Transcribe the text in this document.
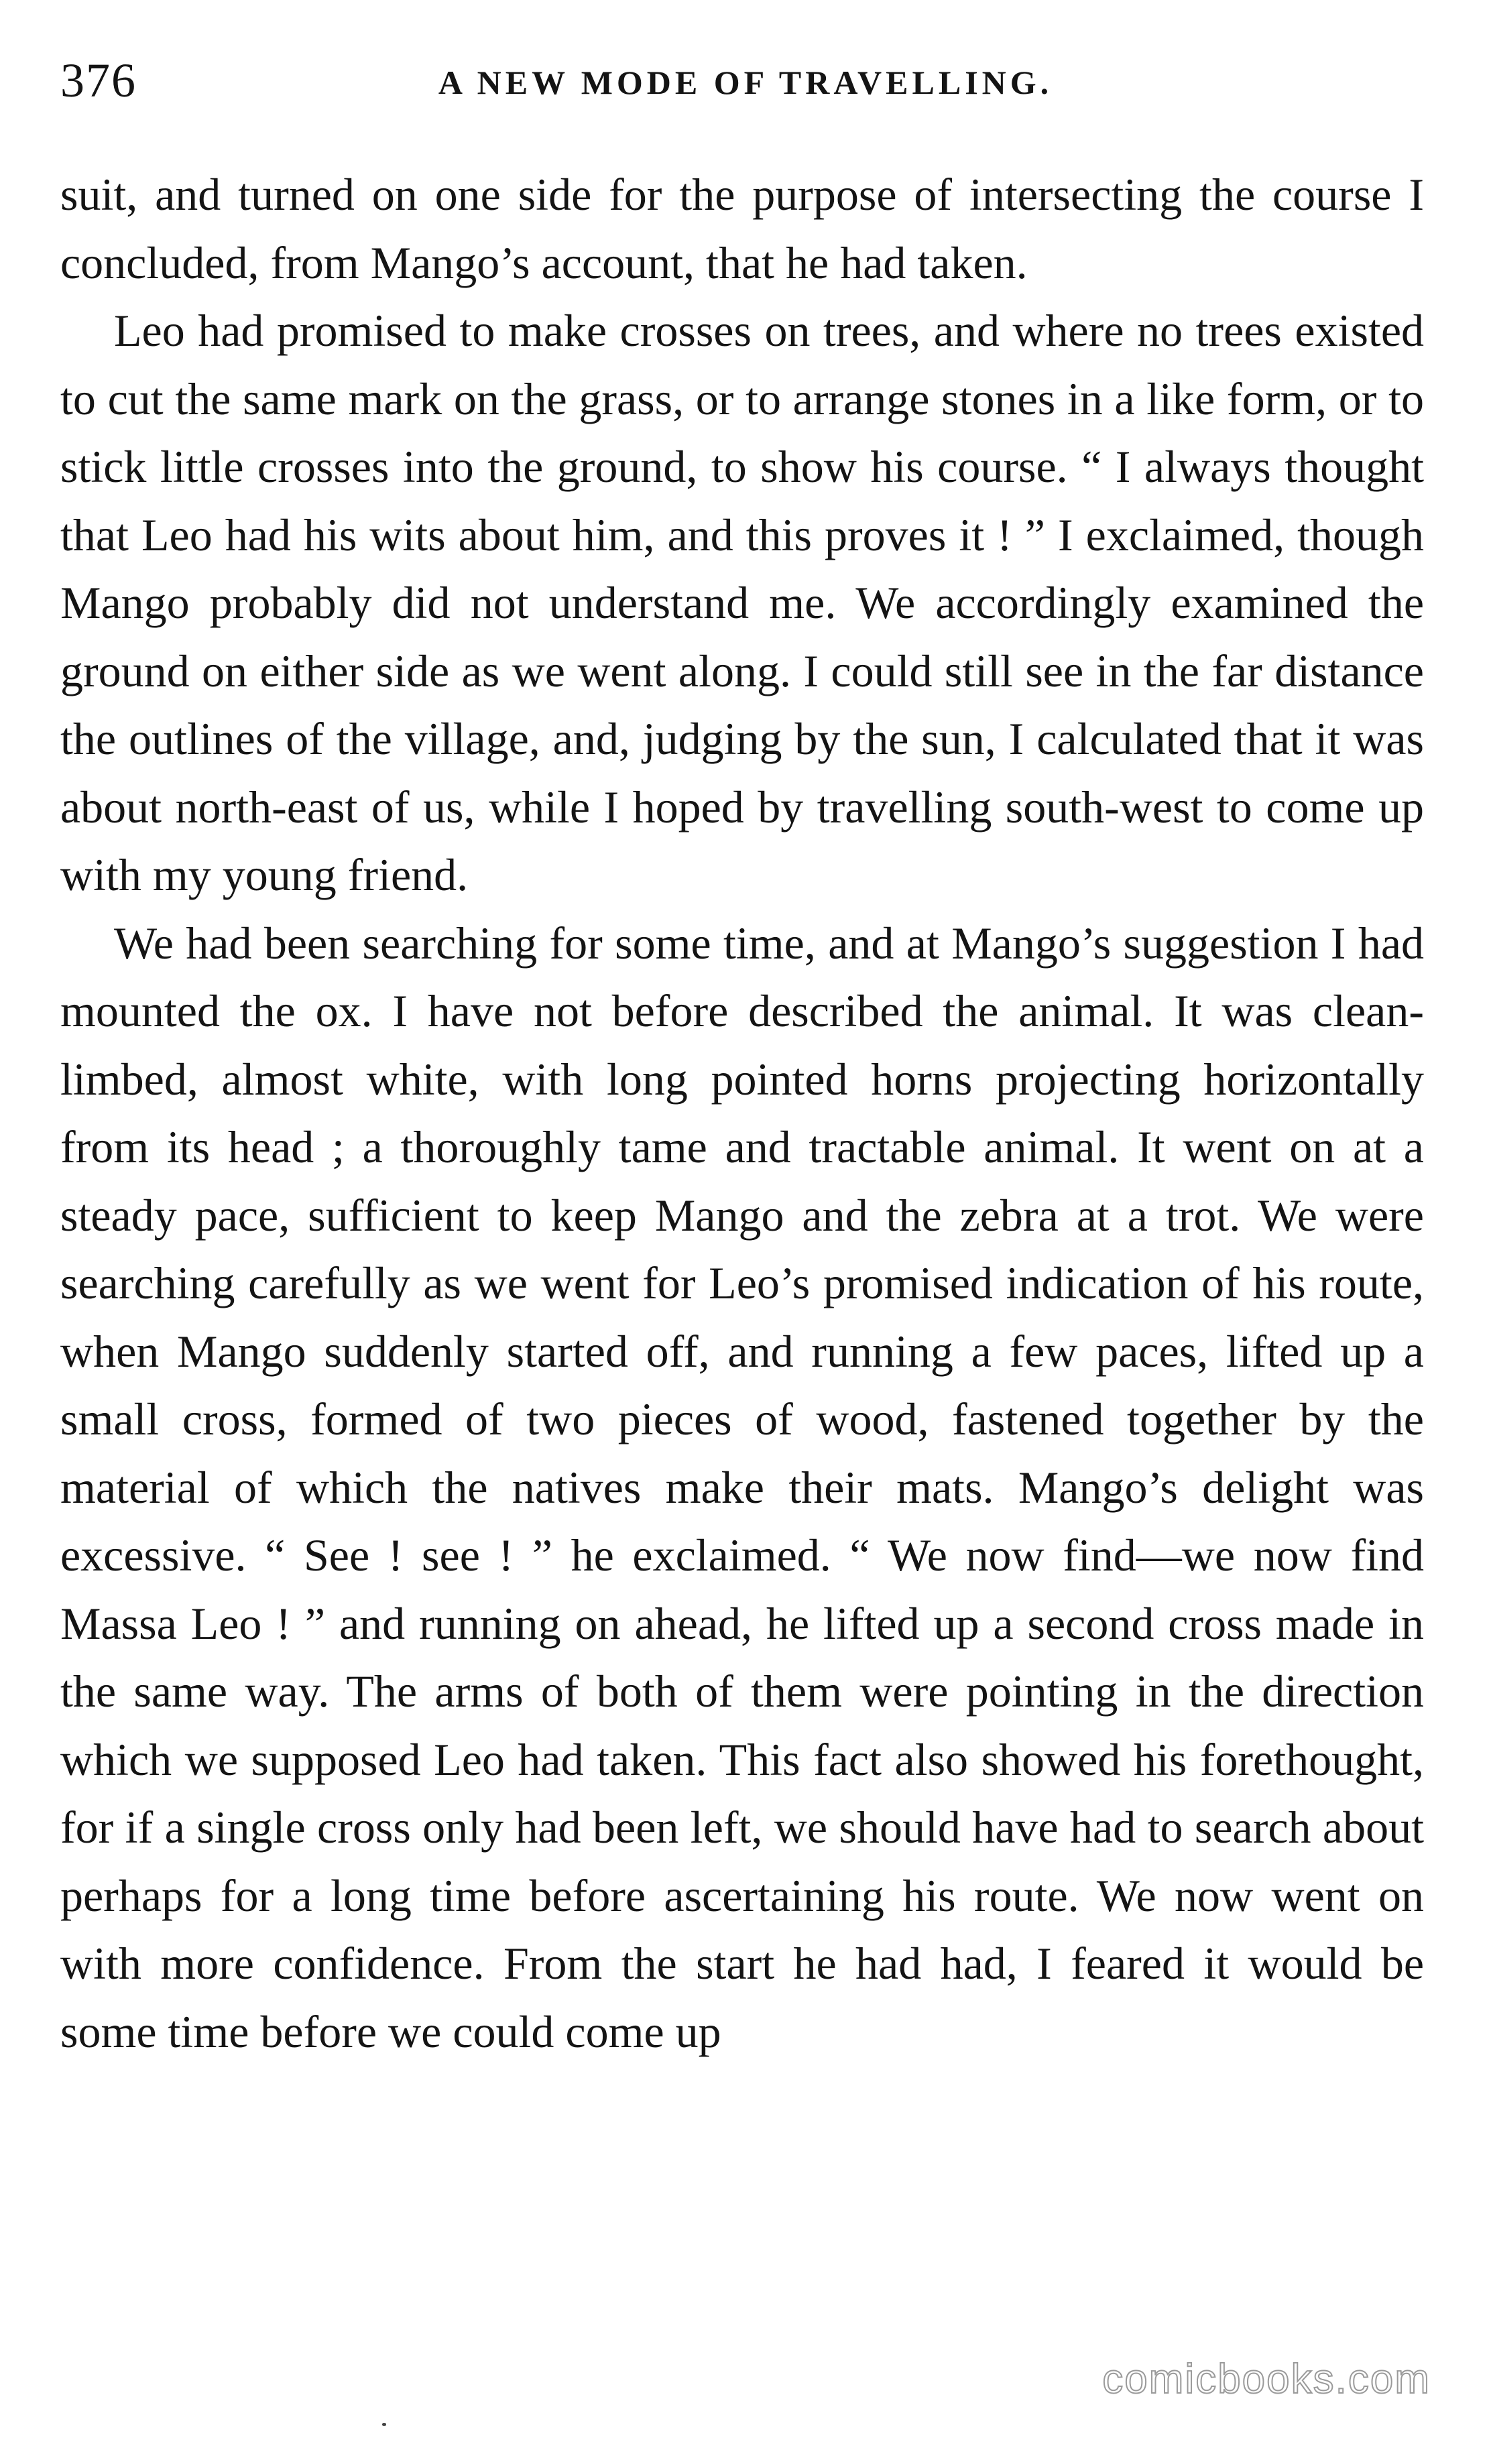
376	A NEW MODE OF TRAVELLING.

suit, and turned on one side for the purpose of intersecting the course I concluded, from Mango’s account, that he had taken.

Leo had promised to make crosses on trees, and where no trees existed to cut the same mark on the grass, or to arrange stones in a like form, or to stick little crosses into the ground, to show his course. “ I always thought that Leo had his wits about him, and this proves it ! ” I exclaimed, though Mango probably did not understand me. We accordingly examined the ground on either side as we went along. I could still see in the far distance the outlines of the village, and, judging by the sun, I calculated that it was about north-east of us, while I hoped by travelling south-west to come up with my young friend.

We had been searching for some time, and at Mango’s suggestion I had mounted the ox. I have not before described the animal. It was clean-limbed, almost white, with long pointed horns projecting horizontally from its head ; a thoroughly tame and tractable animal. It went on at a steady pace, sufficient to keep Mango and the zebra at a trot. We were searching carefully as we went for Leo’s promised indication of his route, when Mango suddenly started off, and running a few paces, lifted up a small cross, formed of two pieces of wood, fastened together by the material of which the natives make their mats. Mango’s delight was excessive. “ See ! see ! ” he exclaimed. “ We now find—we now find Massa Leo ! ” and running on ahead, he lifted up a second cross made in the same way. The arms of both of them were pointing in the direction which we supposed Leo had taken. This fact also showed his forethought, for if a single cross only had been left, we should have had to search about perhaps for a long time before ascertaining his route. We now went on with more confidence. From the start he had had, I feared it would be some time before we could come up

comicbooks.com
